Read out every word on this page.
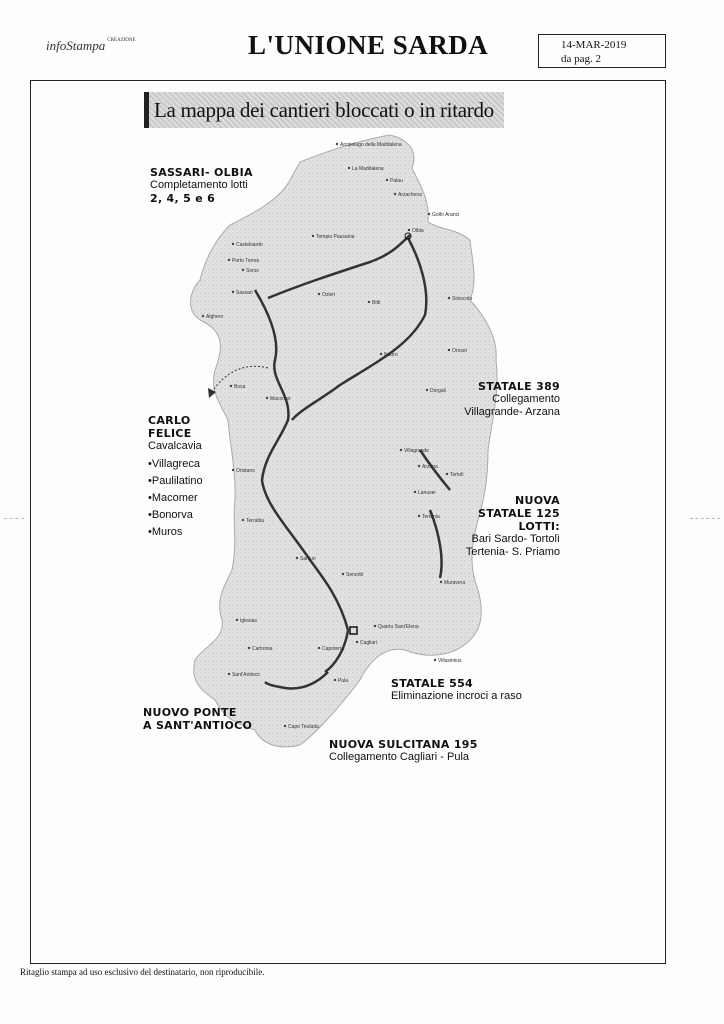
infoStampa CREAZIONE	L'UNIONE SARDA	14-MAR-2019
da pag. 2
La mappa dei cantieri bloccati o in ritardo
Arcipelago della Maddalena
La Maddalena
Palau
Arzachena
Golfo Aranci
Olbia
Porto Torres
Sorso
Sassari
Castelsardo
Tempio Pausania
Alghero
Ozieri
Siniscola
Bitti
Nuoro
Orosei
Macomer
Bosa
Dorgali
Villagrande
Arzana
Tortolì
Lanusei
Oristano
Terralba
Tertenia
Muravera
Iglesias
Carbonia
Sanluri
Senorbì
Villasimius
Cagliari
Capoterra
Pula
Sant'Antioco
Capo Teulada
Quartu Sant'Elena
SASSARI- OLBIA
Completamento lotti
2, 4, 5 e 6
CARLO
FELICE
Cavalcavia
•Villagreca
•Paulilatino
•Macomer
•Bonorva
•Muros
STATALE 389
Collegamento
Villagrande- Arzana
NUOVA
STATALE 125
LOTTI:
Bari Sardo- Tortolì
Tertenia- S. Priamo
STATALE 554
Eliminazione incroci a raso
NUOVO PONTE
A SANT'ANTIOCO
NUOVA SULCITANA 195
Collegamento Cagliari - Pula
Ritaglio stampa ad uso esclusivo del destinatario, non riproducibile.
